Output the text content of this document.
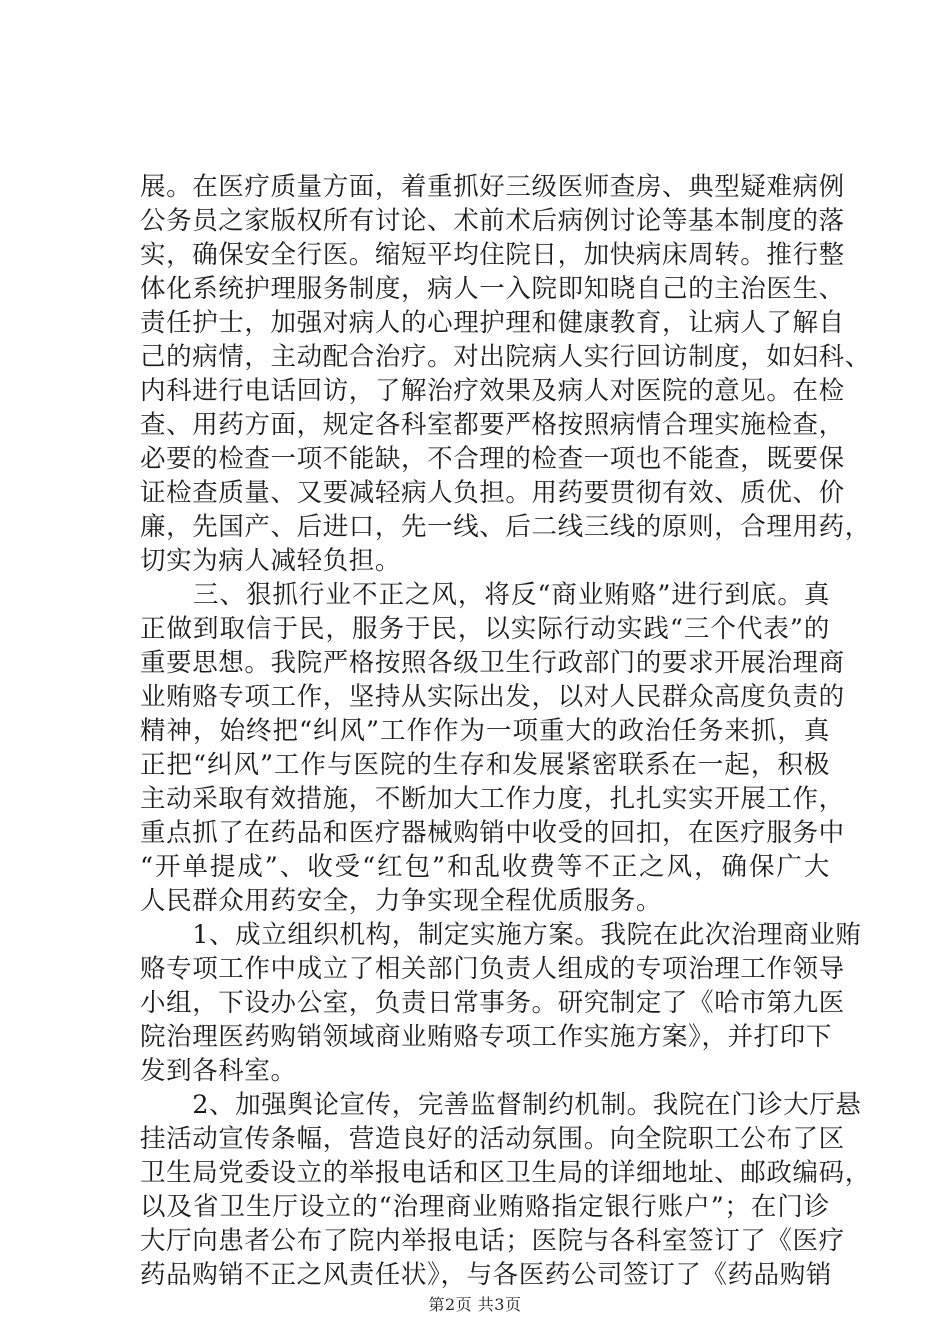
展。在医疗质量方面，着重抓好三级医师查房、典型疑难病例
公务员之家版权所有讨论、术前术后病例讨论等基本制度的落
实，确保安全行医。缩短平均住院日，加快病床周转。推行整
体化系统护理服务制度，病人一入院即知晓自己的主治医生、
责任护士，加强对病人的心理护理和健康教育，让病人了解自
己的病情，主动配合治疗。对出院病人实行回访制度，如妇科、
内科进行电话回访，了解治疗效果及病人对医院的意见。在检
查、用药方面，规定各科室都要严格按照病情合理实施检查，
必要的检查一项不能缺，不合理的检查一项也不能查，既要保
证检查质量、又要减轻病人负担。用药要贯彻有效、质优、价
廉，先国产、后进口，先一线、后二线三线的原则，合理用药，
切实为病人减轻负担。
　　三、狠抓行业不正之风，将反“商业贿赂”进行到底。真
正做到取信于民，服务于民，以实际行动实践“三个代表”的
重要思想。我院严格按照各级卫生行政部门的要求开展治理商
业贿赂专项工作，坚持从实际出发，以对人民群众高度负责的
精神，始终把“纠风”工作作为一项重大的政治任务来抓，真
正把“纠风”工作与医院的生存和发展紧密联系在一起，积极
主动采取有效措施，不断加大工作力度，扎扎实实开展工作，
重点抓了在药品和医疗器械购销中收受的回扣，在医疗服务中
“开单提成”、收受“红包”和乱收费等不正之风，确保广大
人民群众用药安全，力争实现全程优质服务。
　　1、成立组织机构，制定实施方案。我院在此次治理商业贿
赂专项工作中成立了相关部门负责人组成的专项治理工作领导
小组，下设办公室，负责日常事务。研究制定了《哈市第九医
院治理医药购销领域商业贿赂专项工作实施方案》，并打印下
发到各科室。
　　2、加强舆论宣传，完善监督制约机制。我院在门诊大厅悬
挂活动宣传条幅，营造良好的活动氛围。向全院职工公布了区
卫生局党委设立的举报电话和区卫生局的详细地址、邮政编码，
以及省卫生厅设立的“治理商业贿赂指定银行账户”；在门诊
大厅向患者公布了院内举报电话；医院与各科室签订了《医疗
药品购销不正之风责任状》，与各医药公司签订了《药品购销
第2页 共3页
